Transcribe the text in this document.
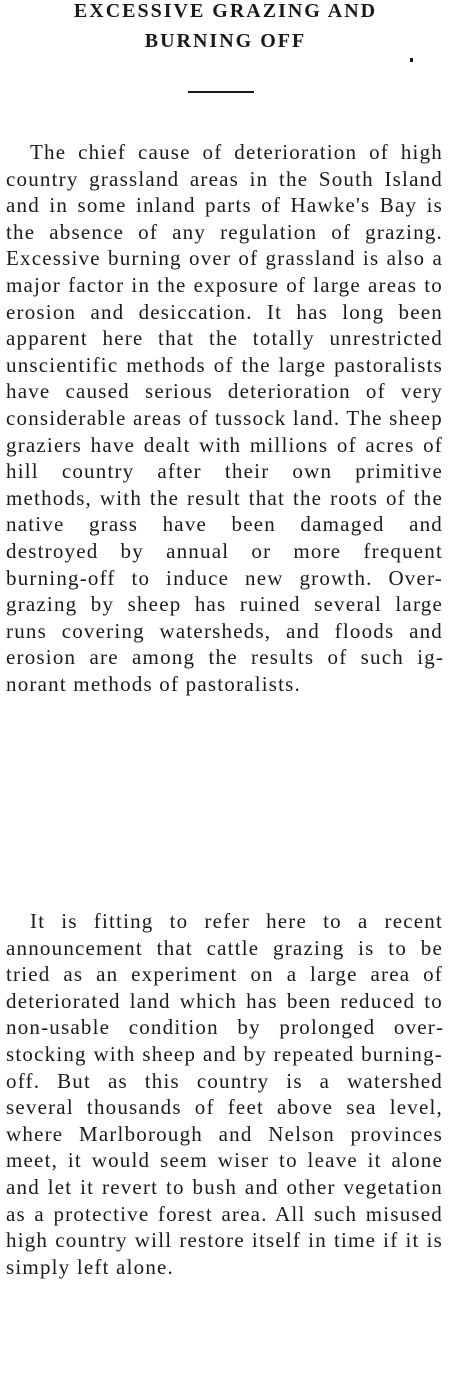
EXCESSIVE GRAZING AND
BURNING OFF

The chief cause of deterioration of high country grassland areas in the South Island and in some inland parts of Hawke's Bay is the absence of any regulation of grazing. Excessive burning over of grassland is also a major factor in the exposure of large areas to erosion and desiccation. It has long been apparent here that the totally unrestricted unscientific methods of the large pastoralists have caused serious deterioration of very considerable areas of tussock land. The sheep graziers have dealt with millions of acres of hill country after their own primitive methods, with the result that the roots of the native grass have been damaged and destroyed by annual or more frequent burning-off to induce new growth. Over-grazing by sheep has ruined several large runs covering watersheds, and floods and erosion are among the results of such ignorant methods of pastoralists.

It is fitting to refer here to a recent announcement that cattle grazing is to be tried as an experiment on a large area of deteriorated land which has been reduced to non-usable condition by prolonged overstocking with sheep and by repeated burning-off. But as this country is a watershed several thousands of feet above sea level, where Marlborough and Nelson provinces meet, it would seem wiser to leave it alone and let it revert to bush and other vegetation as a protective forest area. All such misused high country will restore itself in time if it is simply left alone.
